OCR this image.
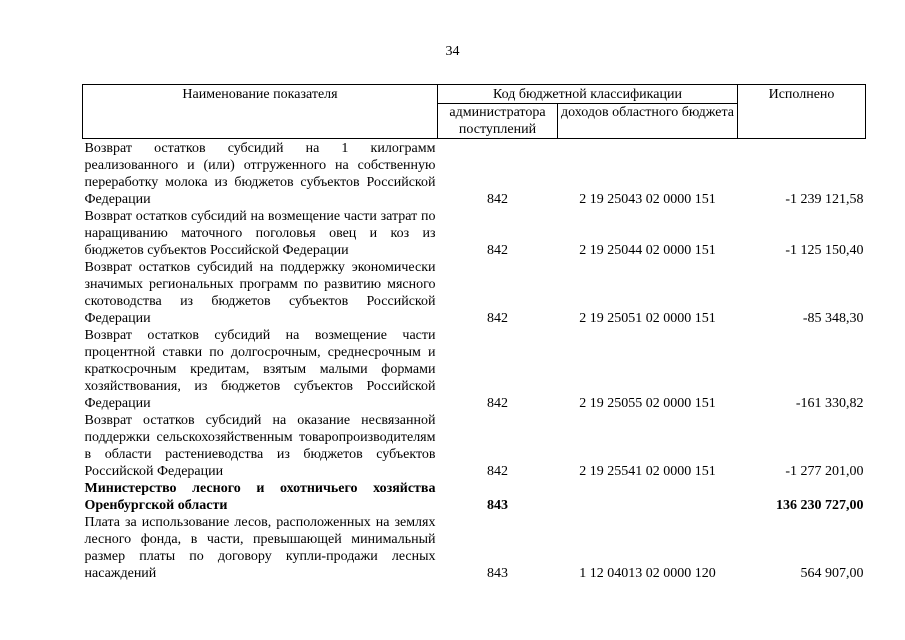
34
Наименование показателя	Код бюджетной классификации		Исполнено
	администратора поступлений	доходов областного бюджета	
Возврат остатков субсидий на 1 килограмм реализованного и (или) отгруженного на собственную переработку молока из бюджетов субъектов Российской Федерации	842	2 19 25043 02 0000 151	-1 239 121,58
Возврат остатков субсидий на возмещение части затрат по наращиванию маточного поголовья овец и коз из бюджетов субъектов Российской Федерации	842	2 19 25044 02 0000 151	-1 125 150,40
Возврат остатков субсидий на поддержку экономически значимых региональных программ по развитию мясного скотоводства из бюджетов субъектов Российской Федерации	842	2 19 25051 02 0000 151	-85 348,30
Возврат остатков субсидий на возмещение части процентной ставки по долгосрочным, среднесрочным и краткосрочным кредитам, взятым малыми формами хозяйствования, из бюджетов субъектов Российской Федерации	842	2 19 25055 02 0000 151	-161 330,82
Возврат остатков субсидий на оказание несвязанной поддержки сельскохозяйственным товаропроизводителям в области растениеводства из бюджетов субъектов Российской Федерации	842	2 19 25541 02 0000 151	-1 277 201,00
Министерство лесного и охотничьего хозяйства Оренбургской области	843		136 230 727,00
Плата за использование лесов, расположенных на землях лесного фонда, в части, превышающей минимальный размер платы по договору купли-продажи лесных насаждений	843	1 12 04013 02 0000 120	564 907,00
